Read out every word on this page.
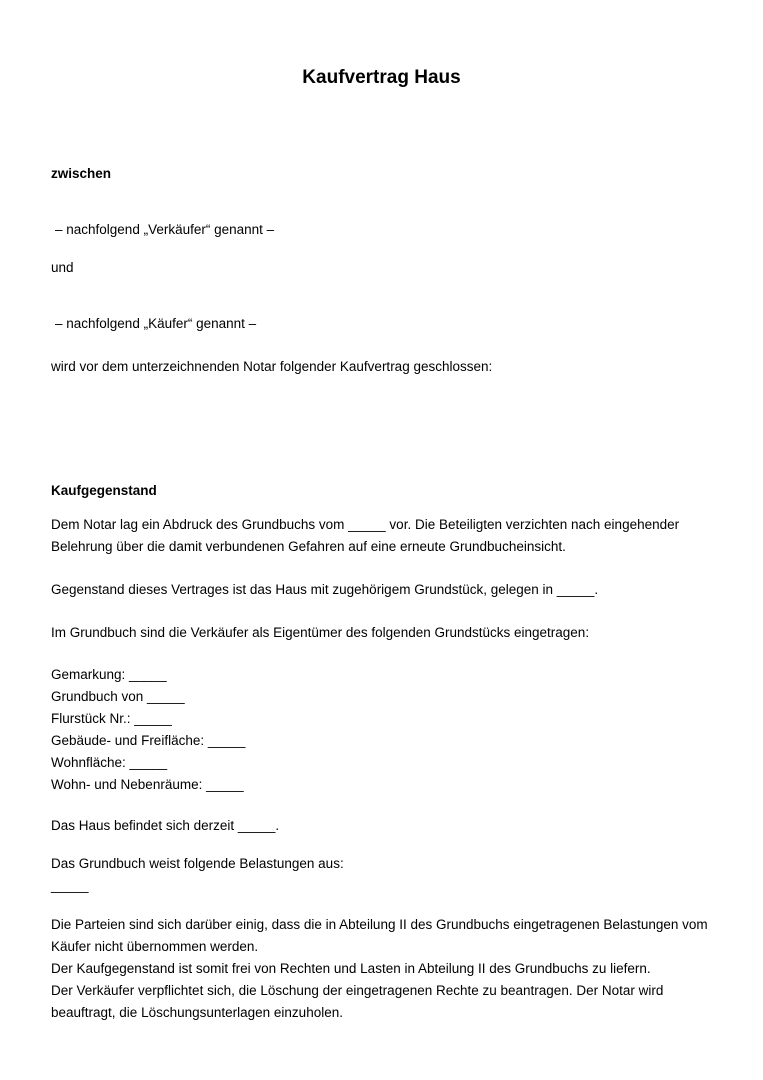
Kaufvertrag Haus

zwischen

– nachfolgend „Verkäufer“ genannt –

und

– nachfolgend „Käufer“ genannt –

wird vor dem unterzeichnenden Notar folgender Kaufvertrag geschlossen:

Kaufgegenstand

Dem Notar lag ein Abdruck des Grundbuchs vom _____ vor. Die Beteiligten verzichten nach eingehender Belehrung über die damit verbundenen Gefahren auf eine erneute Grundbucheinsicht.

Gegenstand dieses Vertrages ist das Haus mit zugehörigem Grundstück, gelegen in _____.

Im Grundbuch sind die Verkäufer als Eigentümer des folgenden Grundstücks eingetragen:

Gemarkung: _____

Grundbuch von _____

Flurstück Nr.: _____

Gebäude- und Freifläche: _____

Wohnfläche: _____

Wohn- und Nebenräume: _____

Das Haus befindet sich derzeit _____.

Das Grundbuch weist folgende Belastungen aus:

_____

Die Parteien sind sich darüber einig, dass die in Abteilung II des Grundbuchs eingetragenen Belastungen vom Käufer nicht übernommen werden.

Der Kaufgegenstand ist somit frei von Rechten und Lasten in Abteilung II des Grundbuchs zu liefern.

Der Verkäufer verpflichtet sich, die Löschung der eingetragenen Rechte zu beantragen. Der Notar wird beauftragt, die Löschungsunterlagen einzuholen.
